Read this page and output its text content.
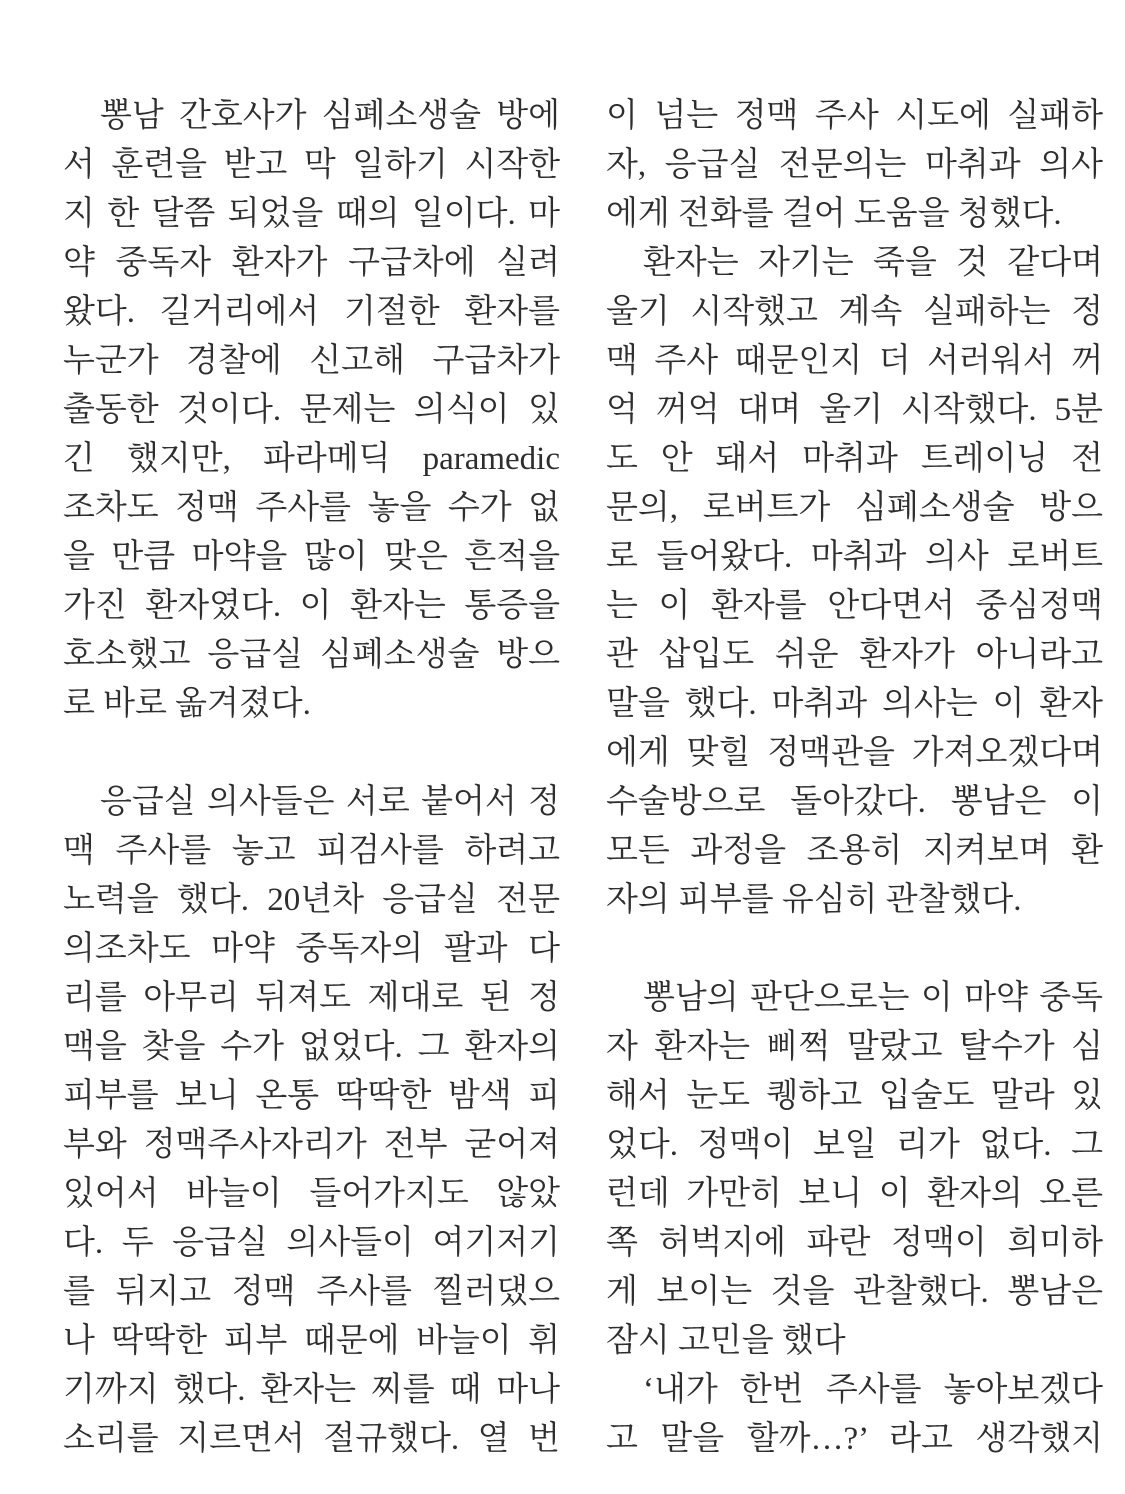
뽕남 간호사가 심폐소생술 방에
서 훈련을 받고 막 일하기 시작한
지 한 달쯤 되었을 때의 일이다. 마
약 중독자 환자가 구급차에 실려
왔다. 길거리에서 기절한 환자를
누군가 경찰에 신고해 구급차가
출동한 것이다. 문제는 의식이 있
긴 했지만, 파라메딕 paramedic
조차도 정맥 주사를 놓을 수가 없
을 만큼 마약을 많이 맞은 흔적을
가진 환자였다. 이 환자는 통증을
호소했고 응급실 심폐소생술 방으
로 바로 옮겨졌다.

응급실 의사들은 서로 붙어서 정
맥 주사를 놓고 피검사를 하려고
노력을 했다. 20년차 응급실 전문
의조차도 마약 중독자의 팔과 다
리를 아무리 뒤져도 제대로 된 정
맥을 찾을 수가 없었다. 그 환자의
피부를 보니 온통 딱딱한 밤색 피
부와 정맥주사자리가 전부 굳어져
있어서 바늘이 들어가지도 않았
다. 두 응급실 의사들이 여기저기
를 뒤지고 정맥 주사를 찔러댔으
나 딱딱한 피부 때문에 바늘이 휘
기까지 했다. 환자는 찌를 때 마나
소리를 지르면서 절규했다. 열 번

이 넘는 정맥 주사 시도에 실패하
자, 응급실 전문의는 마취과 의사
에게 전화를 걸어 도움을 청했다.

환자는 자기는 죽을 것 같다며
울기 시작했고 계속 실패하는 정
맥 주사 때문인지 더 서러워서 꺼
억 꺼억 대며 울기 시작했다. 5분
도 안 돼서 마취과 트레이닝 전
문의, 로버트가 심폐소생술 방으
로 들어왔다. 마취과 의사 로버트
는 이 환자를 안다면서 중심정맥
관 삽입도 쉬운 환자가 아니라고
말을 했다. 마취과 의사는 이 환자
에게 맞힐 정맥관을 가져오겠다며
수술방으로 돌아갔다. 뽕남은 이
모든 과정을 조용히 지켜보며 환
자의 피부를 유심히 관찰했다.

뽕남의 판단으로는 이 마약 중독
자 환자는 삐쩍 말랐고 탈수가 심
해서 눈도 퀭하고 입술도 말라 있
었다. 정맥이 보일 리가 없다. 그
런데 가만히 보니 이 환자의 오른
쪽 허벅지에 파란 정맥이 희미하
게 보이는 것을 관찰했다. 뽕남은
잠시 고민을 했다

‘내가 한번 주사를 놓아보겠다
고 말을 할까…?’ 라고 생각했지
